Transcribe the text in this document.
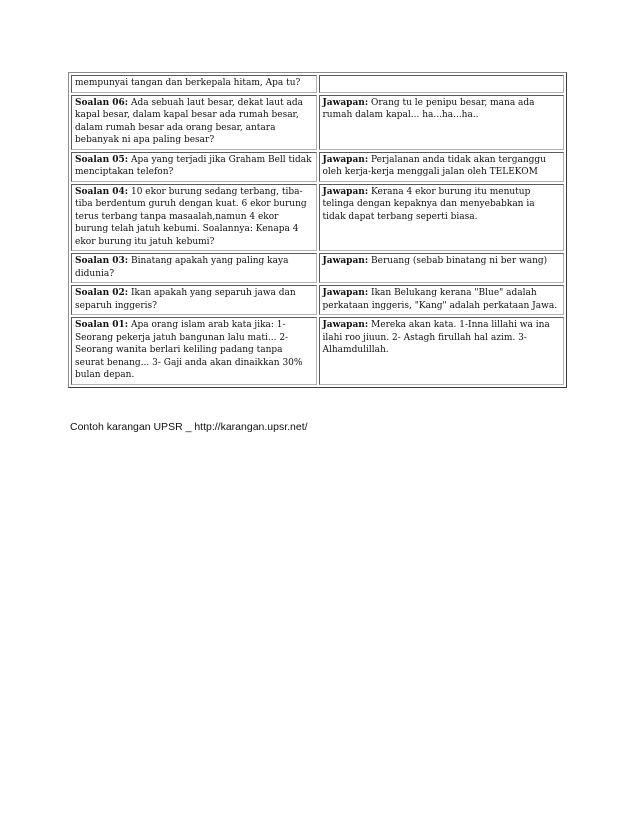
mempunyai tangan dan berkepala hitam, Apa tu?	
Soalan 06: Ada sebuah laut besar, dekat laut ada kapal besar, dalam kapal besar ada rumah besar, dalam rumah besar ada orang besar, antara bebanyak ni apa paling besar?	Jawapan: Orang tu le penipu besar, mana ada rumah dalam kapal... ha...ha...ha..
Soalan 05: Apa yang terjadi jika Graham Bell tidak menciptakan telefon?	Jawapan: Perjalanan anda tidak akan terganggu oleh kerja-kerja menggali jalan oleh TELEKOM
Soalan 04: 10 ekor burung sedang terbang, tiba-tiba berdentum guruh dengan kuat. 6 ekor burung terus terbang tanpa masaalah,namun 4 ekor burung telah jatuh kebumi. Soalannya: Kenapa 4 ekor burung itu jatuh kebumi?	Jawapan: Kerana 4 ekor burung itu menutup telinga dengan kepaknya dan menyebabkan ia tidak dapat terbang seperti biasa.
Soalan 03: Binatang apakah yang paling kaya didunia?	Jawapan: Beruang (sebab binatang ni ber wang)
Soalan 02: Ikan apakah yang separuh jawa dan separuh inggeris?	Jawapan: Ikan Belukang kerana "Blue" adalah perkataan inggeris, "Kang" adalah perkataan Jawa.
Soalan 01: Apa orang islam arab kata jika: 1- Seorang pekerja jatuh bangunan lalu mati... 2- Seorang wanita berlari keliling padang tanpa seurat benang... 3- Gaji anda akan dinaikkan 30% bulan depan.	Jawapan: Mereka akan kata. 1-Inna lillahi wa ina ilahi roo jiuun. 2- Astagh firullah hal azim. 3- Alhamdulillah.
Contoh karangan UPSR _ http://karangan.upsr.net/
